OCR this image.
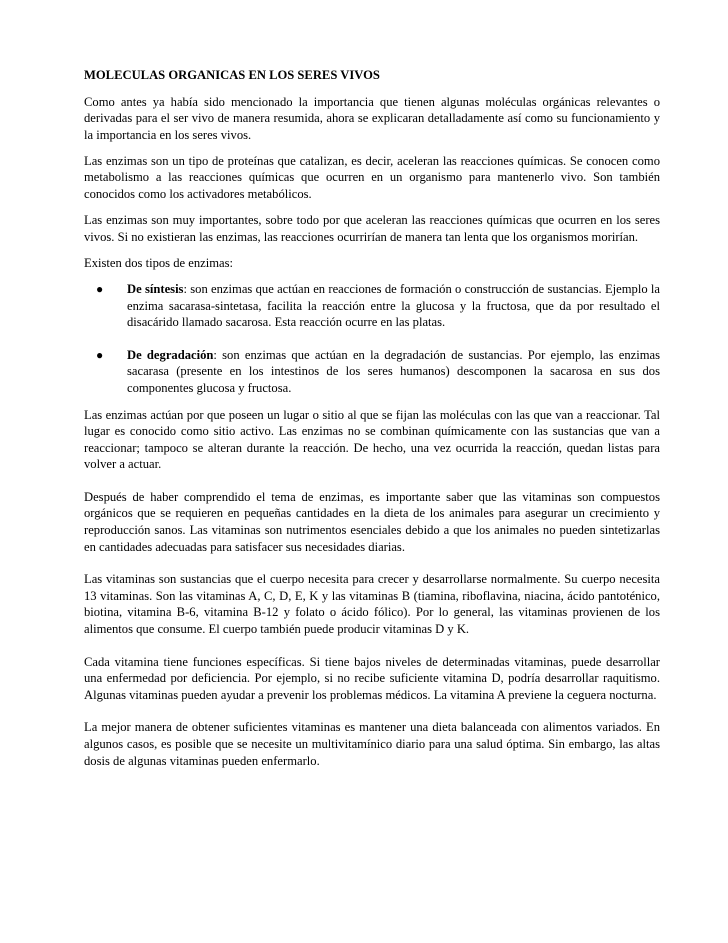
MOLECULAS ORGANICAS EN LOS SERES VIVOS

Como antes ya había sido mencionado la importancia que tienen algunas moléculas orgánicas relevantes o derivadas para el ser vivo de manera resumida, ahora se explicaran detalladamente así como su funcionamiento y la importancia en los seres vivos.

Las enzimas son un tipo de proteínas que catalizan, es decir, aceleran las reacciones químicas. Se conocen como metabolismo a las reacciones químicas que ocurren en un organismo para mantenerlo vivo. Son también conocidos como los activadores metabólicos.

Las enzimas son muy importantes, sobre todo por que aceleran las reacciones químicas que ocurren en los seres vivos. Si no existieran las enzimas, las reacciones ocurrirían de manera tan lenta que los organismos morirían.

Existen dos tipos de enzimas:

● De síntesis: son enzimas que actúan en reacciones de formación o construcción de sustancias. Ejemplo la enzima sacarasa-sintetasa, facilita la reacción entre la glucosa y la fructosa, que da por resultado el disacárido llamado sacarosa. Esta reacción ocurre en las platas.
● De degradación: son enzimas que actúan en la degradación de sustancias. Por ejemplo, las enzimas sacarasa (presente en los intestinos de los seres humanos) descomponen la sacarosa en sus dos componentes glucosa y fructosa.

Las enzimas actúan por que poseen un lugar o sitio al que se fijan las moléculas con las que van a reaccionar. Tal lugar es conocido como sitio activo. Las enzimas no se combinan químicamente con las sustancias que van a reaccionar; tampoco se alteran durante la reacción. De hecho, una vez ocurrida la reacción, quedan listas para volver a actuar.

Después de haber comprendido el tema de enzimas, es importante saber que las vitaminas son compuestos orgánicos que se requieren en pequeñas cantidades en la dieta de los animales para asegurar un crecimiento y reproducción sanos. Las vitaminas son nutrimentos esenciales debido a que los animales no pueden sintetizarlas en cantidades adecuadas para satisfacer sus necesidades diarias.

Las vitaminas son sustancias que el cuerpo necesita para crecer y desarrollarse normalmente. Su cuerpo necesita 13 vitaminas. Son las vitaminas A, C, D, E, K y las vitaminas B (tiamina, riboflavina, niacina, ácido pantoténico, biotina, vitamina B-6, vitamina B-12 y folato o ácido fólico). Por lo general, las vitaminas provienen de los alimentos que consume. El cuerpo también puede producir vitaminas D y K.

Cada vitamina tiene funciones específicas. Si tiene bajos niveles de determinadas vitaminas, puede desarrollar una enfermedad por deficiencia. Por ejemplo, si no recibe suficiente vitamina D, podría desarrollar raquitismo. Algunas vitaminas pueden ayudar a prevenir los problemas médicos. La vitamina A previene la ceguera nocturna.

La mejor manera de obtener suficientes vitaminas es mantener una dieta balanceada con alimentos variados. En algunos casos, es posible que se necesite un multivitamínico diario para una salud óptima. Sin embargo, las altas dosis de algunas vitaminas pueden enfermarlo.
